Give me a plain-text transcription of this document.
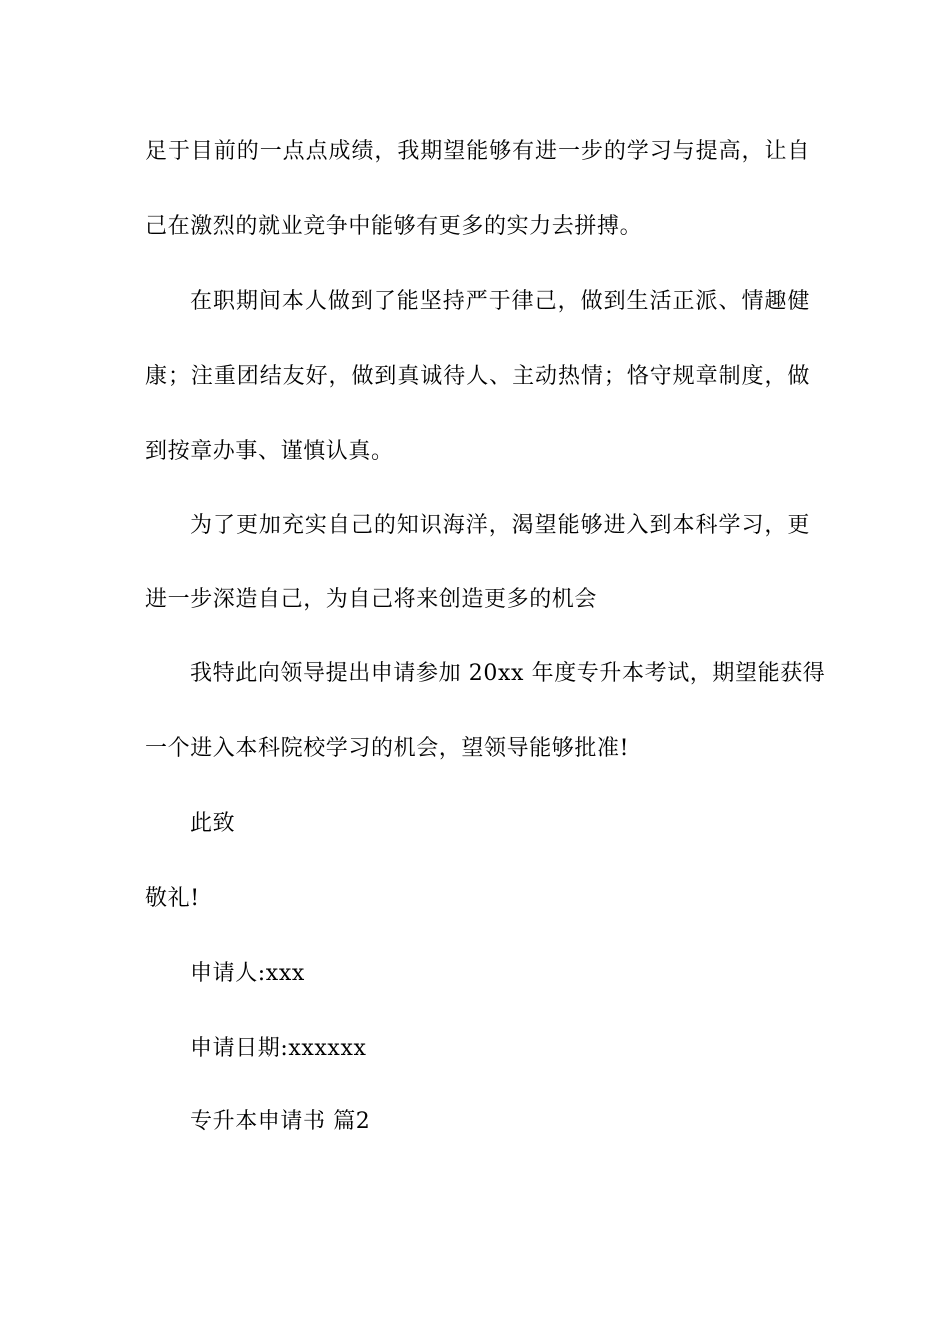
足于目前的一点点成绩，我期望能够有进一步的学习与提高，让自
己在激烈的就业竞争中能够有更多的实力去拼搏。
在职期间本人做到了能坚持严于律己，做到生活正派、情趣健
康；注重团结友好，做到真诚待人、主动热情；恪守规章制度，做
到按章办事、谨慎认真。
为了更加充实自己的知识海洋，渴望能够进入到本科学习，更
进一步深造自己，为自己将来创造更多的机会
我特此向领导提出申请参加 20xx 年度专升本考试，期望能获得
一个进入本科院校学习的机会，望领导能够批准!
此致
敬礼!
申请人:xxx
申请日期:xxxxxx
专升本申请书 篇2
